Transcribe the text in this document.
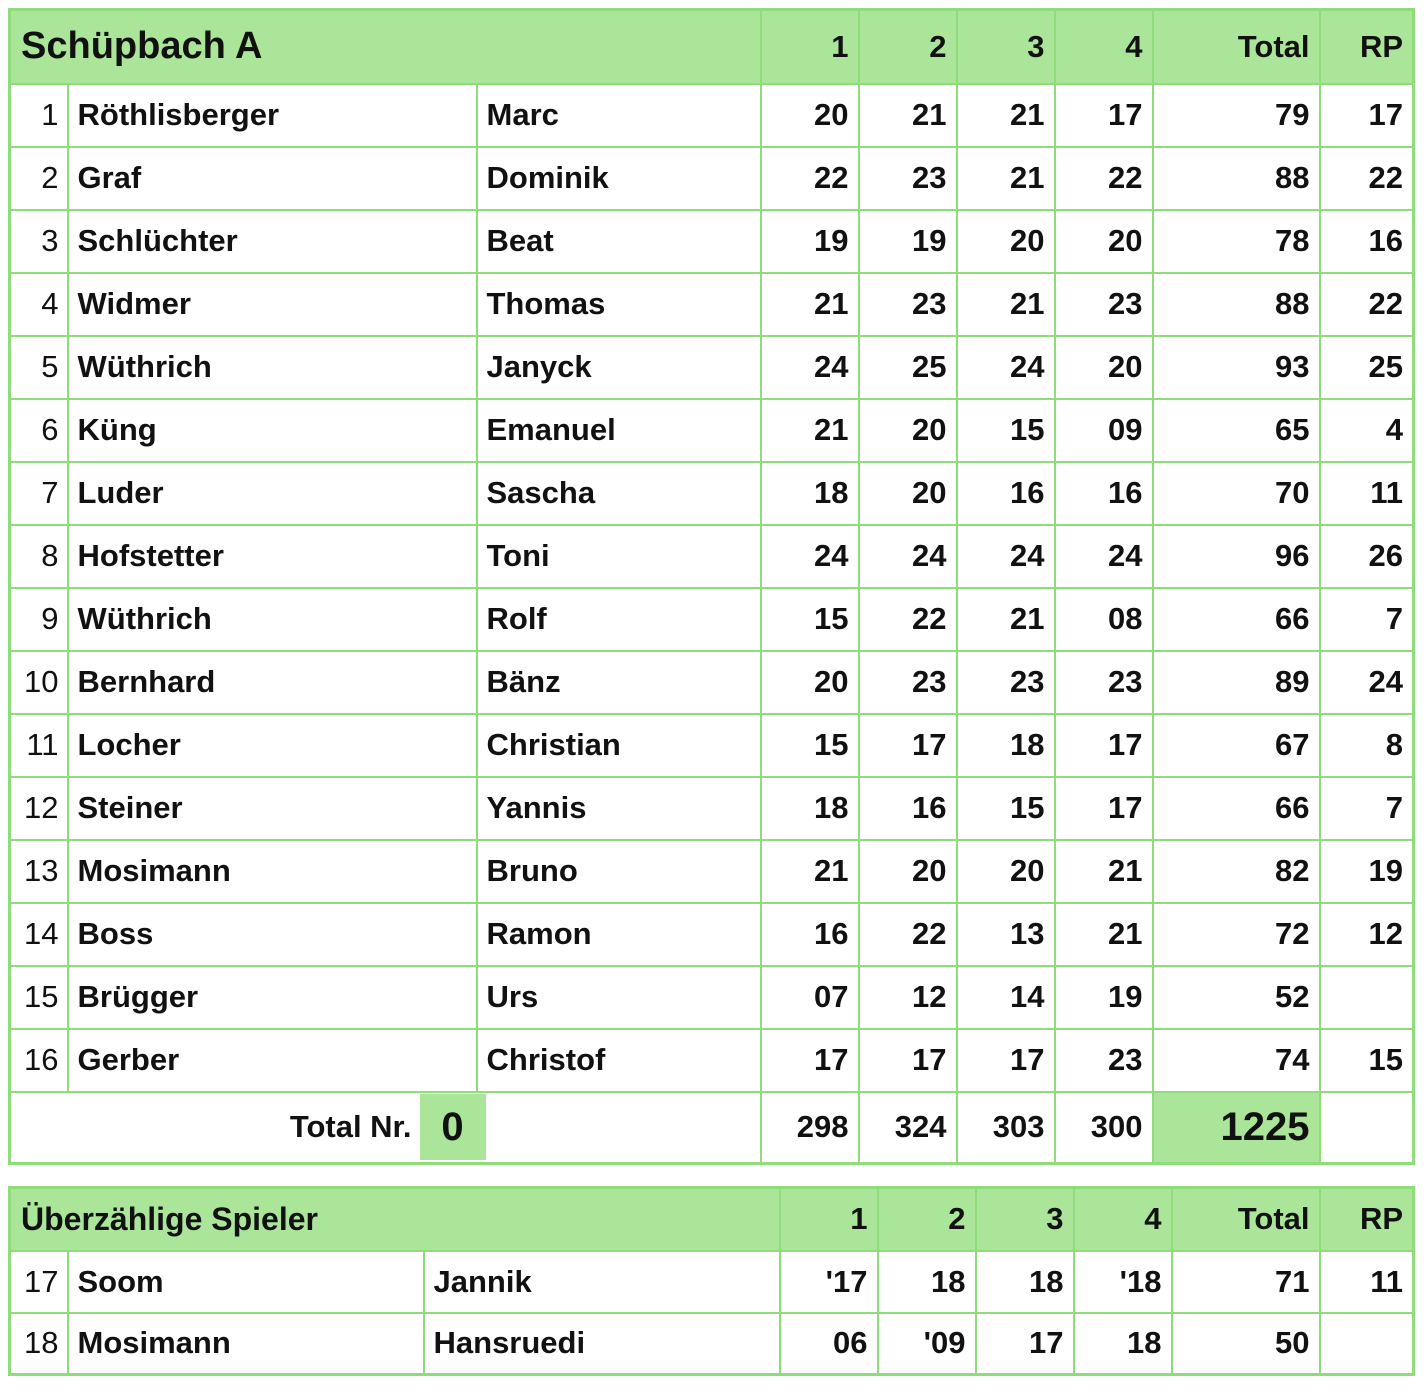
Schüpbach A			1	2	3	4	Total	RP
1	Röthlisberger	Marc	20	21	21	17	79	17
2	Graf	Dominik	22	23	21	22	88	22
3	Schlüchter	Beat	19	19	20	20	78	16
4	Widmer	Thomas	21	23	21	23	88	22
5	Wüthrich	Janyck	24	25	24	20	93	25
6	Küng	Emanuel	21	20	15	09	65	4
7	Luder	Sascha	18	20	16	16	70	11
8	Hofstetter	Toni	24	24	24	24	96	26
9	Wüthrich	Rolf	15	22	21	08	66	7
10	Bernhard	Bänz	20	23	23	23	89	24
11	Locher	Christian	15	17	18	17	67	8
12	Steiner	Yannis	18	16	15	17	66	7
13	Mosimann	Bruno	21	20	20	21	82	19
14	Boss	Ramon	16	22	13	21	72	12
15	Brügger	Urs	07	12	14	19	52	
16	Gerber	Christof	17	17	17	23	74	15

Total Nr. 0			298	324	303	300	1225	
Überzählige Spieler			1	2	3	4	Total	RP
17	Soom	Jannik	'17	18	18	'18	71	11
18	Mosimann	Hansruedi	06	'09	17	18	50	
